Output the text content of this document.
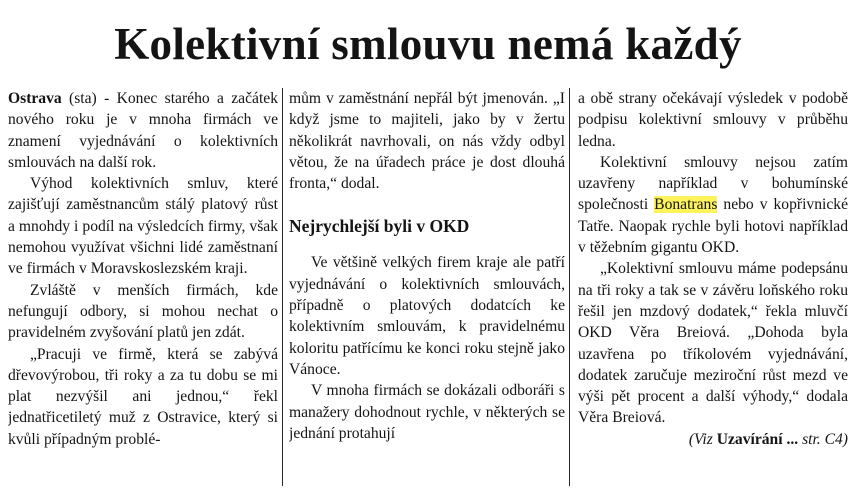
Kolektivní smlouvu nemá každý

Ostrava (sta) - Konec starého a začátek nového roku je v mnoha firmách ve znamení vyjednávání o kolektivních smlouvách na další rok.

Výhod kolektivních smluv, které zajišťují zaměstnancům stálý platový růst a mnohdy i podíl na výsledcích firmy, však nemohou využívat všichni lidé zaměstnaní ve firmách v Moravskoslezském kraji.

Zvláště v menších firmách, kde nefungují odbory, si mohou nechat o pravidelném zvyšování platů jen zdát.

„Pracuji ve firmě, která se zabývá dřevovýrobou, tři roky a za tu dobu se mi plat nezvýšil ani jednou,“ řekl jednatřicetiletý muž z Ostravice, který si kvůli případným problé-

mům v zaměstnání nepřál být jmenován. „I když jsme to majiteli, jako by v žertu několikrát navrhovali, on nás vždy odbyl větou, že na úřadech práce je dost dlouhá fronta,“ dodal.

Nejrychlejší byli v OKD

Ve většině velkých firem kraje ale patří vyjednávání o kolektivních smlouvách, případně o platových dodatcích ke kolektivním smlouvám, k pravidelnému koloritu patřícímu ke konci roku stejně jako Vánoce.

V mnoha firmách se dokázali odboráři s manažery dohodnout rychle, v některých se jednání protahují

a obě strany očekávají výsledek v podobě podpisu kolektivní smlouvy v průběhu ledna.

Kolektivní smlouvy nejsou zatím uzavřeny například v bohumínské společnosti Bonatrans nebo v kopřivnické Tatře. Naopak rychle byli hotovi například v těžebním gigantu OKD.

„Kolektivní smlouvu máme podepsánu na tři roky a tak se v závěru loňského roku řešil jen mzdový dodatek,“ řekla mluvčí OKD Věra Breiová. „Dohoda byla uzavřena po tříkolovém vyjednávání, dodatek zaručuje meziroční růst mezd ve výši pět procent a další výhody,“ dodala Věra Breiová.

(Viz Uzavírání ... str. C4)
